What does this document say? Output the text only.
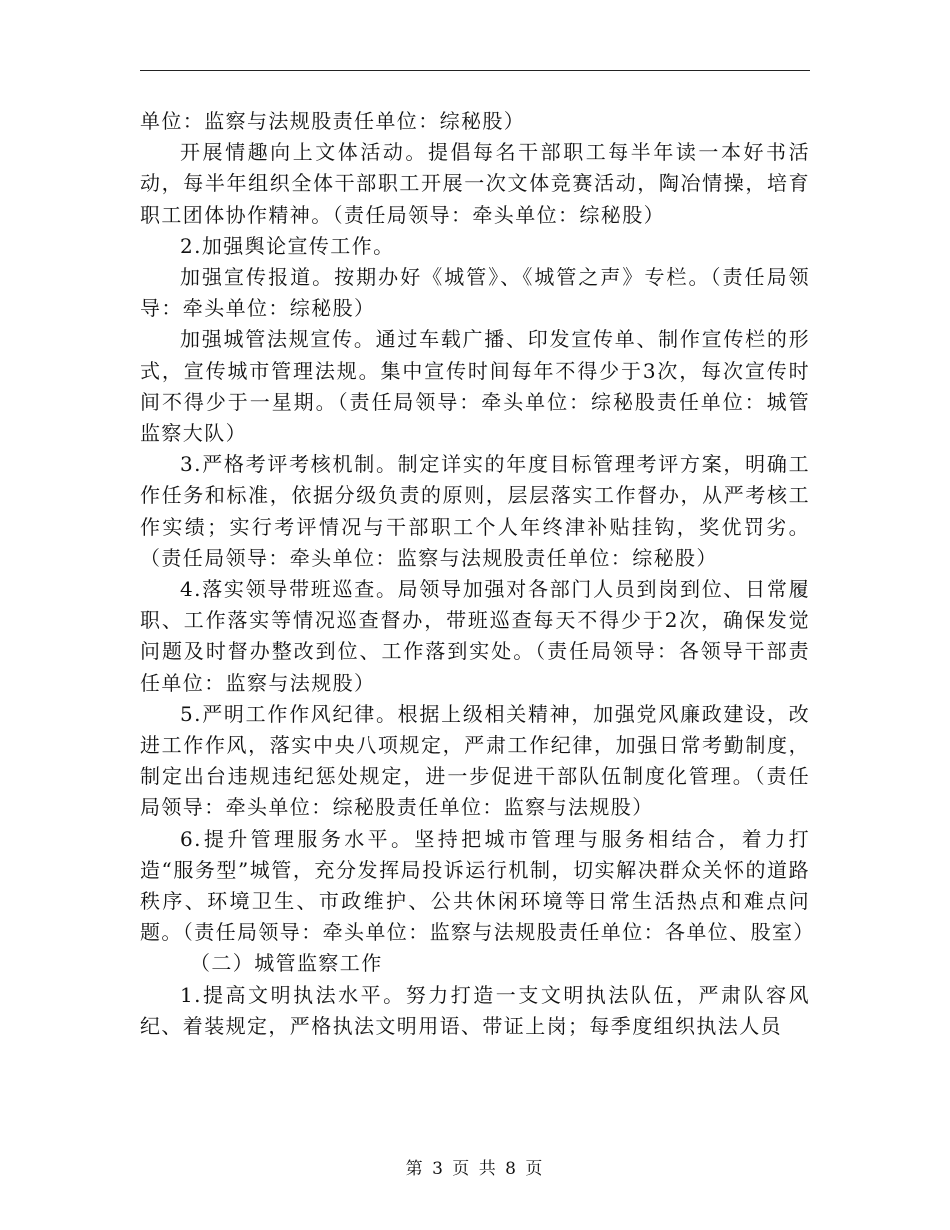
单位：监察与法规股责任单位：综秘股）

开展情趣向上文体活动。提倡每名干部职工每半年读一本好书活动，每半年组织全体干部职工开展一次文体竞赛活动，陶冶情操，培育职工团体协作精神。（责任局领导：牵头单位：综秘股）

2.加强舆论宣传工作。

加强宣传报道。按期办好《城管》、《城管之声》专栏。（责任局领导：牵头单位：综秘股）

加强城管法规宣传。通过车载广播、印发宣传单、制作宣传栏的形式，宣传城市管理法规。集中宣传时间每年不得少于3次，每次宣传时间不得少于一星期。（责任局领导：牵头单位：综秘股责任单位：城管监察大队）

3.严格考评考核机制。制定详实的年度目标管理考评方案，明确工作任务和标准，依据分级负责的原则，层层落实工作督办，从严考核工作实绩；实行考评情况与干部职工个人年终津补贴挂钩，奖优罚劣。（责任局领导：牵头单位：监察与法规股责任单位：综秘股）

4.落实领导带班巡查。局领导加强对各部门人员到岗到位、日常履职、工作落实等情况巡查督办，带班巡查每天不得少于2次，确保发觉问题及时督办整改到位、工作落到实处。（责任局领导：各领导干部责任单位：监察与法规股）

5.严明工作作风纪律。根据上级相关精神，加强党风廉政建设，改进工作作风，落实中央八项规定，严肃工作纪律，加强日常考勤制度，制定出台违规违纪惩处规定，进一步促进干部队伍制度化管理。（责任局领导：牵头单位：综秘股责任单位：监察与法规股）

6.提升管理服务水平。坚持把城市管理与服务相结合，着力打造“服务型”城管，充分发挥局投诉运行机制，切实解决群众关怀的道路秩序、环境卫生、市政维护、公共休闲环境等日常生活热点和难点问题。（责任局领导：牵头单位：监察与法规股责任单位：各单位、股室）

（二）城管监察工作

1.提高文明执法水平。努力打造一支文明执法队伍，严肃队容风纪、着装规定，严格执法文明用语、带证上岗；每季度组织执法人员

第 3 页 共 8 页
